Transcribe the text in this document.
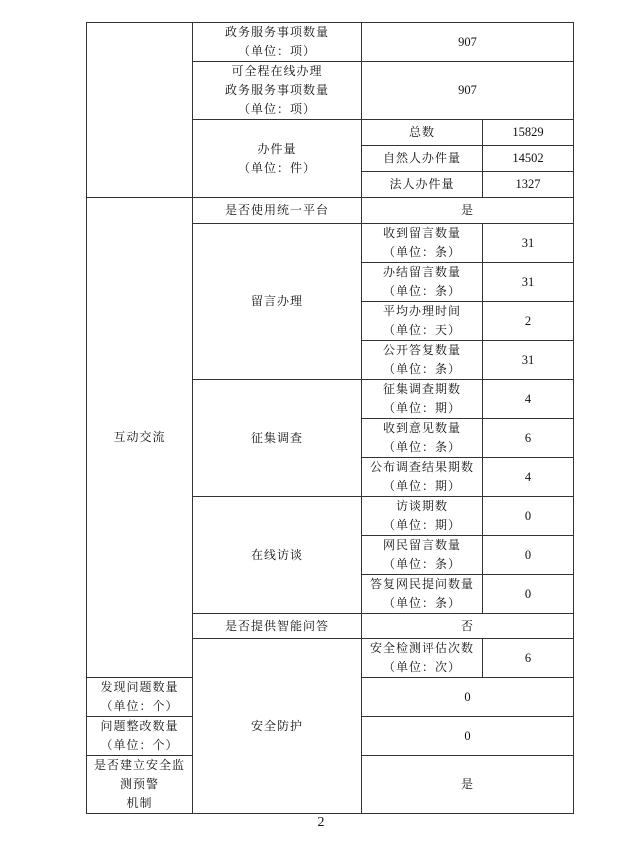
	政务服务事项数量
（单位：项）	907	

	可全程在线办理
政务服务事项数量
（单位：项）	907	

	办件量
（单位：件）	总数	15829
		自然人办件量	14502
		法人办件量	1327
互动交流	是否使用统一平台	是	
	留言办理	收到留言数量
（单位：条）	31

		办结留言数量
（单位：条）	31

		平均办理时间
（单位：天）	2

		公开答复数量
（单位：条）	31
	征集调查	征集调查期数
（单位：期）	4

		收到意见数量
（单位：条）	6

		公布调查结果期数
（单位：期）	4
	在线访谈	访谈期数
（单位：期）	0

		网民留言数量
（单位：条）	0

		答复网民提问数量
（单位：条）	0
	是否提供智能问答	否	
	安全防护	安全检测评估次数
（单位：次）	6

发现问题数量
（单位：个）		0	

问题整改数量
（单位：个）		0	

是否建立安全监测预警
机制		是	
2
